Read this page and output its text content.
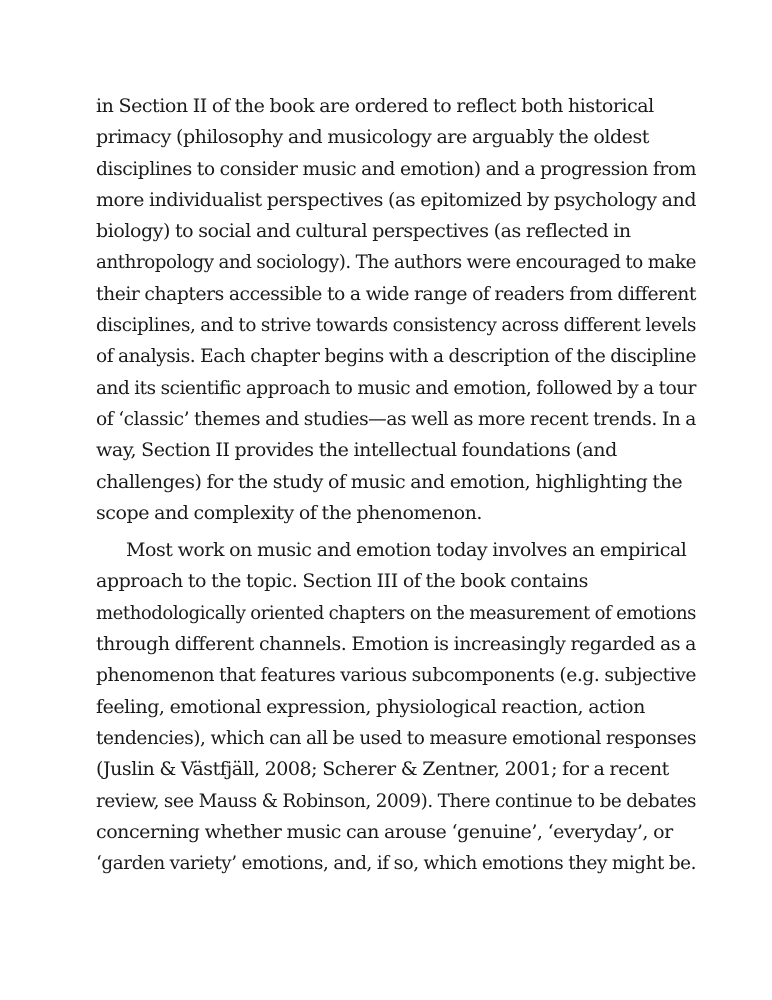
in Section II of the book are ordered to reflect both historical
primacy (philosophy and musicology are arguably the oldest
disciplines to consider music and emotion) and a progression from
more individualist perspectives (as epitomized by psychology and
biology) to social and cultural perspectives (as reflected in
anthropology and sociology). The authors were encouraged to make
their chapters accessible to a wide range of readers from different
disciplines, and to strive towards consistency across different levels
of analysis. Each chapter begins with a description of the discipline
and its scientific approach to music and emotion, followed by a tour
of ‘classic’ themes and studies—as well as more recent trends. In a
way, Section II provides the intellectual foundations (and
challenges) for the study of music and emotion, highlighting the
scope and complexity of the phenomenon.
Most work on music and emotion today involves an empirical
approach to the topic. Section III of the book contains
methodologically oriented chapters on the measurement of emotions
through different channels. Emotion is increasingly regarded as a
phenomenon that features various subcomponents (e.g. subjective
feeling, emotional expression, physiological reaction, action
tendencies), which can all be used to measure emotional responses
(Juslin & Västfjäll, 2008; Scherer & Zentner, 2001; for a recent
review, see Mauss & Robinson, 2009). There continue to be debates
concerning whether music can arouse ‘genuine’, ‘everyday’, or
‘garden variety’ emotions, and, if so, which emotions they might be.
